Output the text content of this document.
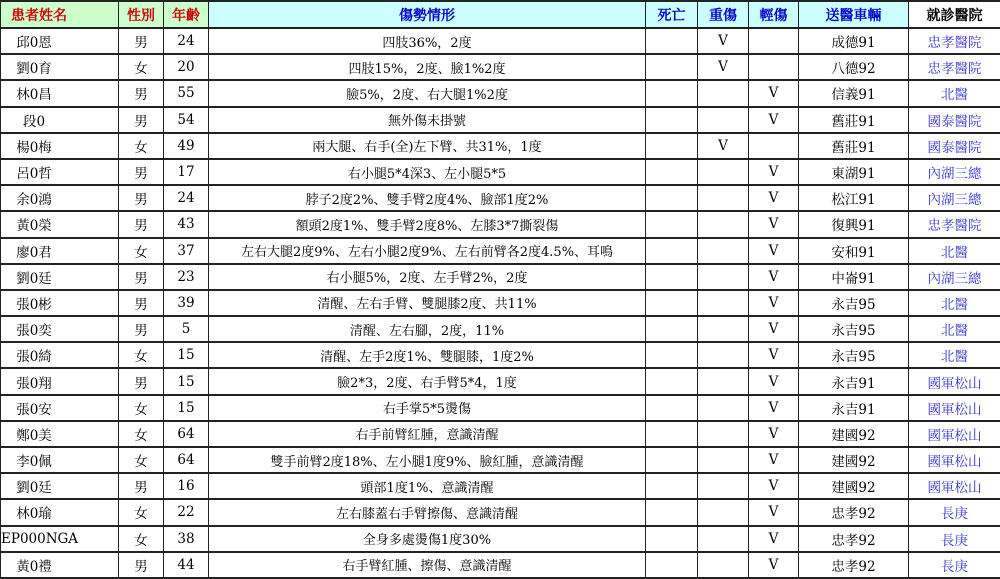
患者姓名	性別	年齡	傷勢情形	死亡	重傷	輕傷	送醫車輛	就診醫院
邱0恩	男	24	四肢36%，2度		V		成德91	忠孝醫院
劉0育	女	20	四肢15%，2度、臉1%2度		V		八德92	忠孝醫院
林0昌	男	55	臉5%，2度、右大腿1%2度			V	信義91	北醫
段0	男	54	無外傷未掛號			V	舊莊91	國泰醫院
楊0梅	女	49	兩大腿、右手(全)左下臂、共31%，1度		V		舊莊91	國泰醫院
呂0哲	男	17	右小腿5*4深3、左小腿5*5			V	東湖91	內湖三總
余0鴻	男	24	脖子2度2%、雙手臂2度4%、臉部1度2%			V	松江91	內湖三總
黃0榮	男	43	額頭2度1%、雙手臂2度8%、左膝3*7撕裂傷			V	復興91	忠孝醫院
廖0君	女	37	左右大腿2度9%、左右小腿2度9%、左右前臂各2度4.5%、耳鳴			V	安和91	北醫
劉0廷	男	23	右小腿5%，2度、左手臂2%，2度			V	中崙91	內湖三總
張0彬	男	39	清醒、左右手臂、雙腿膝2度、共11%			V	永吉95	北醫
張0奕	男	5	清醒、左右腳，2度，11%			V	永吉95	北醫
張0綺	女	15	清醒、左手2度1%、雙腿膝，1度2%			V	永吉95	北醫
張0翔	男	15	臉2*3，2度、右手臂5*4，1度			V	永吉91	國軍松山
張0安	女	15	右手掌5*5燙傷			V	永吉91	國軍松山
鄭0美	女	64	右手前臂紅腫，意識清醒			V	建國92	國軍松山
李0佩	女	64	雙手前臂2度18%、左小腿1度9%、臉紅腫，意識清醒			V	建國92	國軍松山
劉0廷	男	16	頭部1度1%、意識清醒			V	建國92	國軍松山
林0瑜	女	22	左右膝蓋右手臂擦傷、意識清醒			V	忠孝92	長庚
EP000NGA	女	38	全身多處燙傷1度30%			V	忠孝92	長庚
黃0禮	男	44	右手臂紅腫、擦傷、意識清醒			V	忠孝92	長庚
